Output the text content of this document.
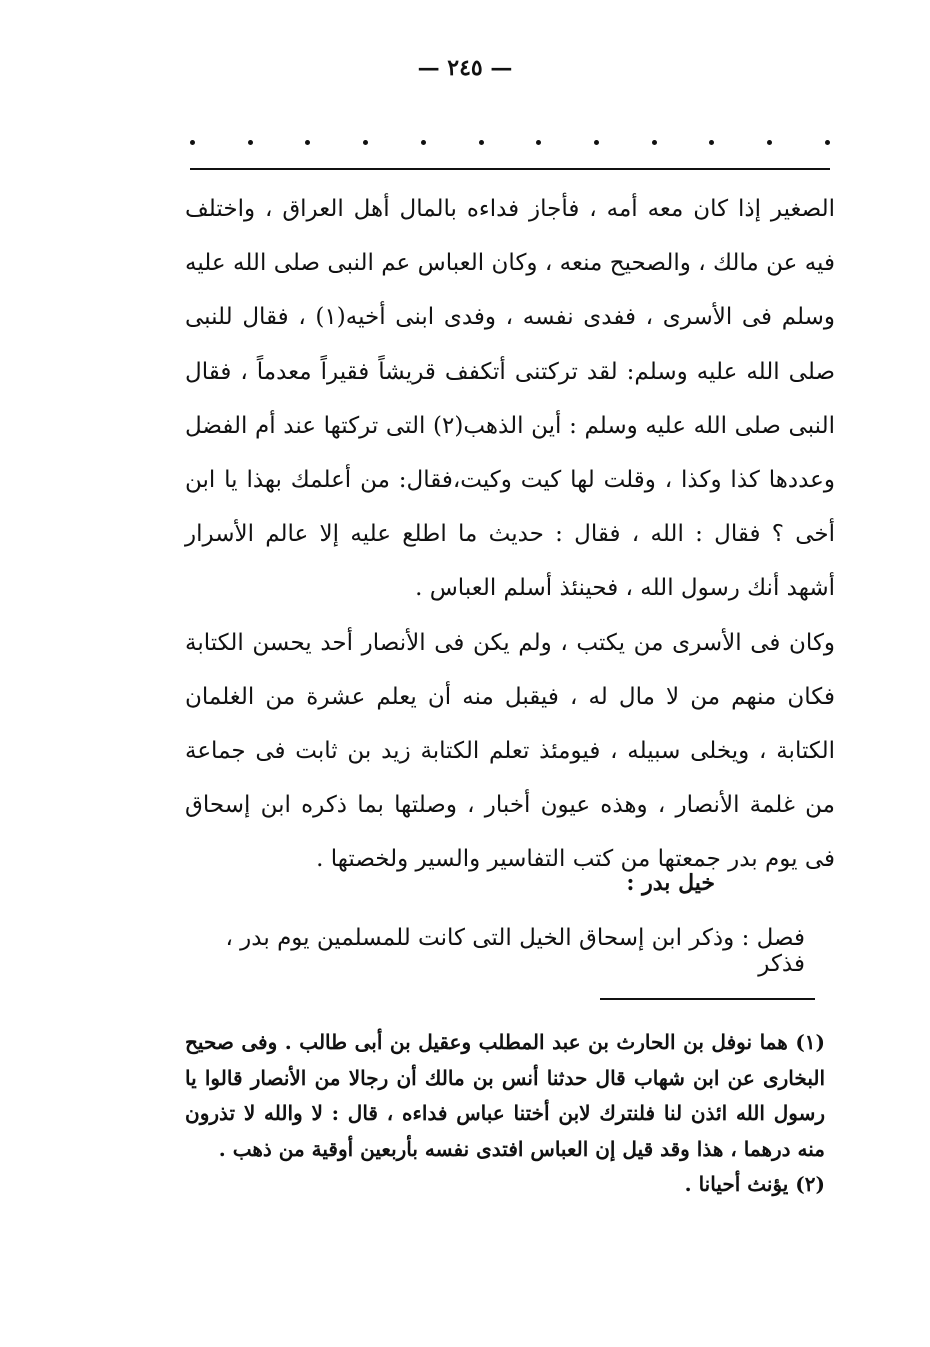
— ٢٤٥ —

الصغير إذا كان معه أمه ، فأجاز فداءه بالمال أهل العراق ، واختلف فيه عن مالك ، والصحيح منعه ، وكان العباس عم النبى صلى الله عليه وسلم فى الأسرى ، ففدى نفسه ، وفدى ابنى أخيه(١) ، فقال للنبى صلى الله عليه وسلم: لقد تركتنى أتكفف قريشاً فقيراً معدماً ، فقال النبى صلى الله عليه وسلم : أين الذهب(٢) التى تركتها عند أم الفضل وعددها كذا وكذا ، وقلت لها كيت وكيت،فقال: من أعلمك بهذا يا ابن أخى ؟ فقال : الله ، فقال : حديث ما اطلع عليه إلا عالم الأسرار أشهد أنك رسول الله ، فحينئذ أسلم العباس .

وكان فى الأسرى من يكتب ، ولم يكن فى الأنصار أحد يحسن الكتابة فكان منهم من لا مال له ، فيقبل منه أن يعلم عشرة من الغلمان الكتابة ، ويخلى سبيله ، فيومئذ تعلم الكتابة زيد بن ثابت فى جماعة من غلمة الأنصار ، وهذه عيون أخبار ، وصلتها بما ذكره ابن إسحاق فى يوم بدر جمعتها من كتب التفاسير والسير ولخصتها .

خيل بدر :
فصل : وذكر ابن إسحاق الخيل التى كانت للمسلمين يوم بدر ، فذكر

(١) هما نوفل بن الحارث بن عبد المطلب وعقيل بن أبى طالب . وفى صحيح البخارى عن ابن شهاب قال حدثنا أنس بن مالك أن رجالا من الأنصار قالوا يا رسول الله ائذن لنا فلنترك لابن أختنا عباس فداءه ، قال : لا والله لا تذرون منه درهما ، هذا وقد قيل إن العباس افتدى نفسه بأربعين أوقية من ذهب .

(٢) يؤنث أحيانا .
